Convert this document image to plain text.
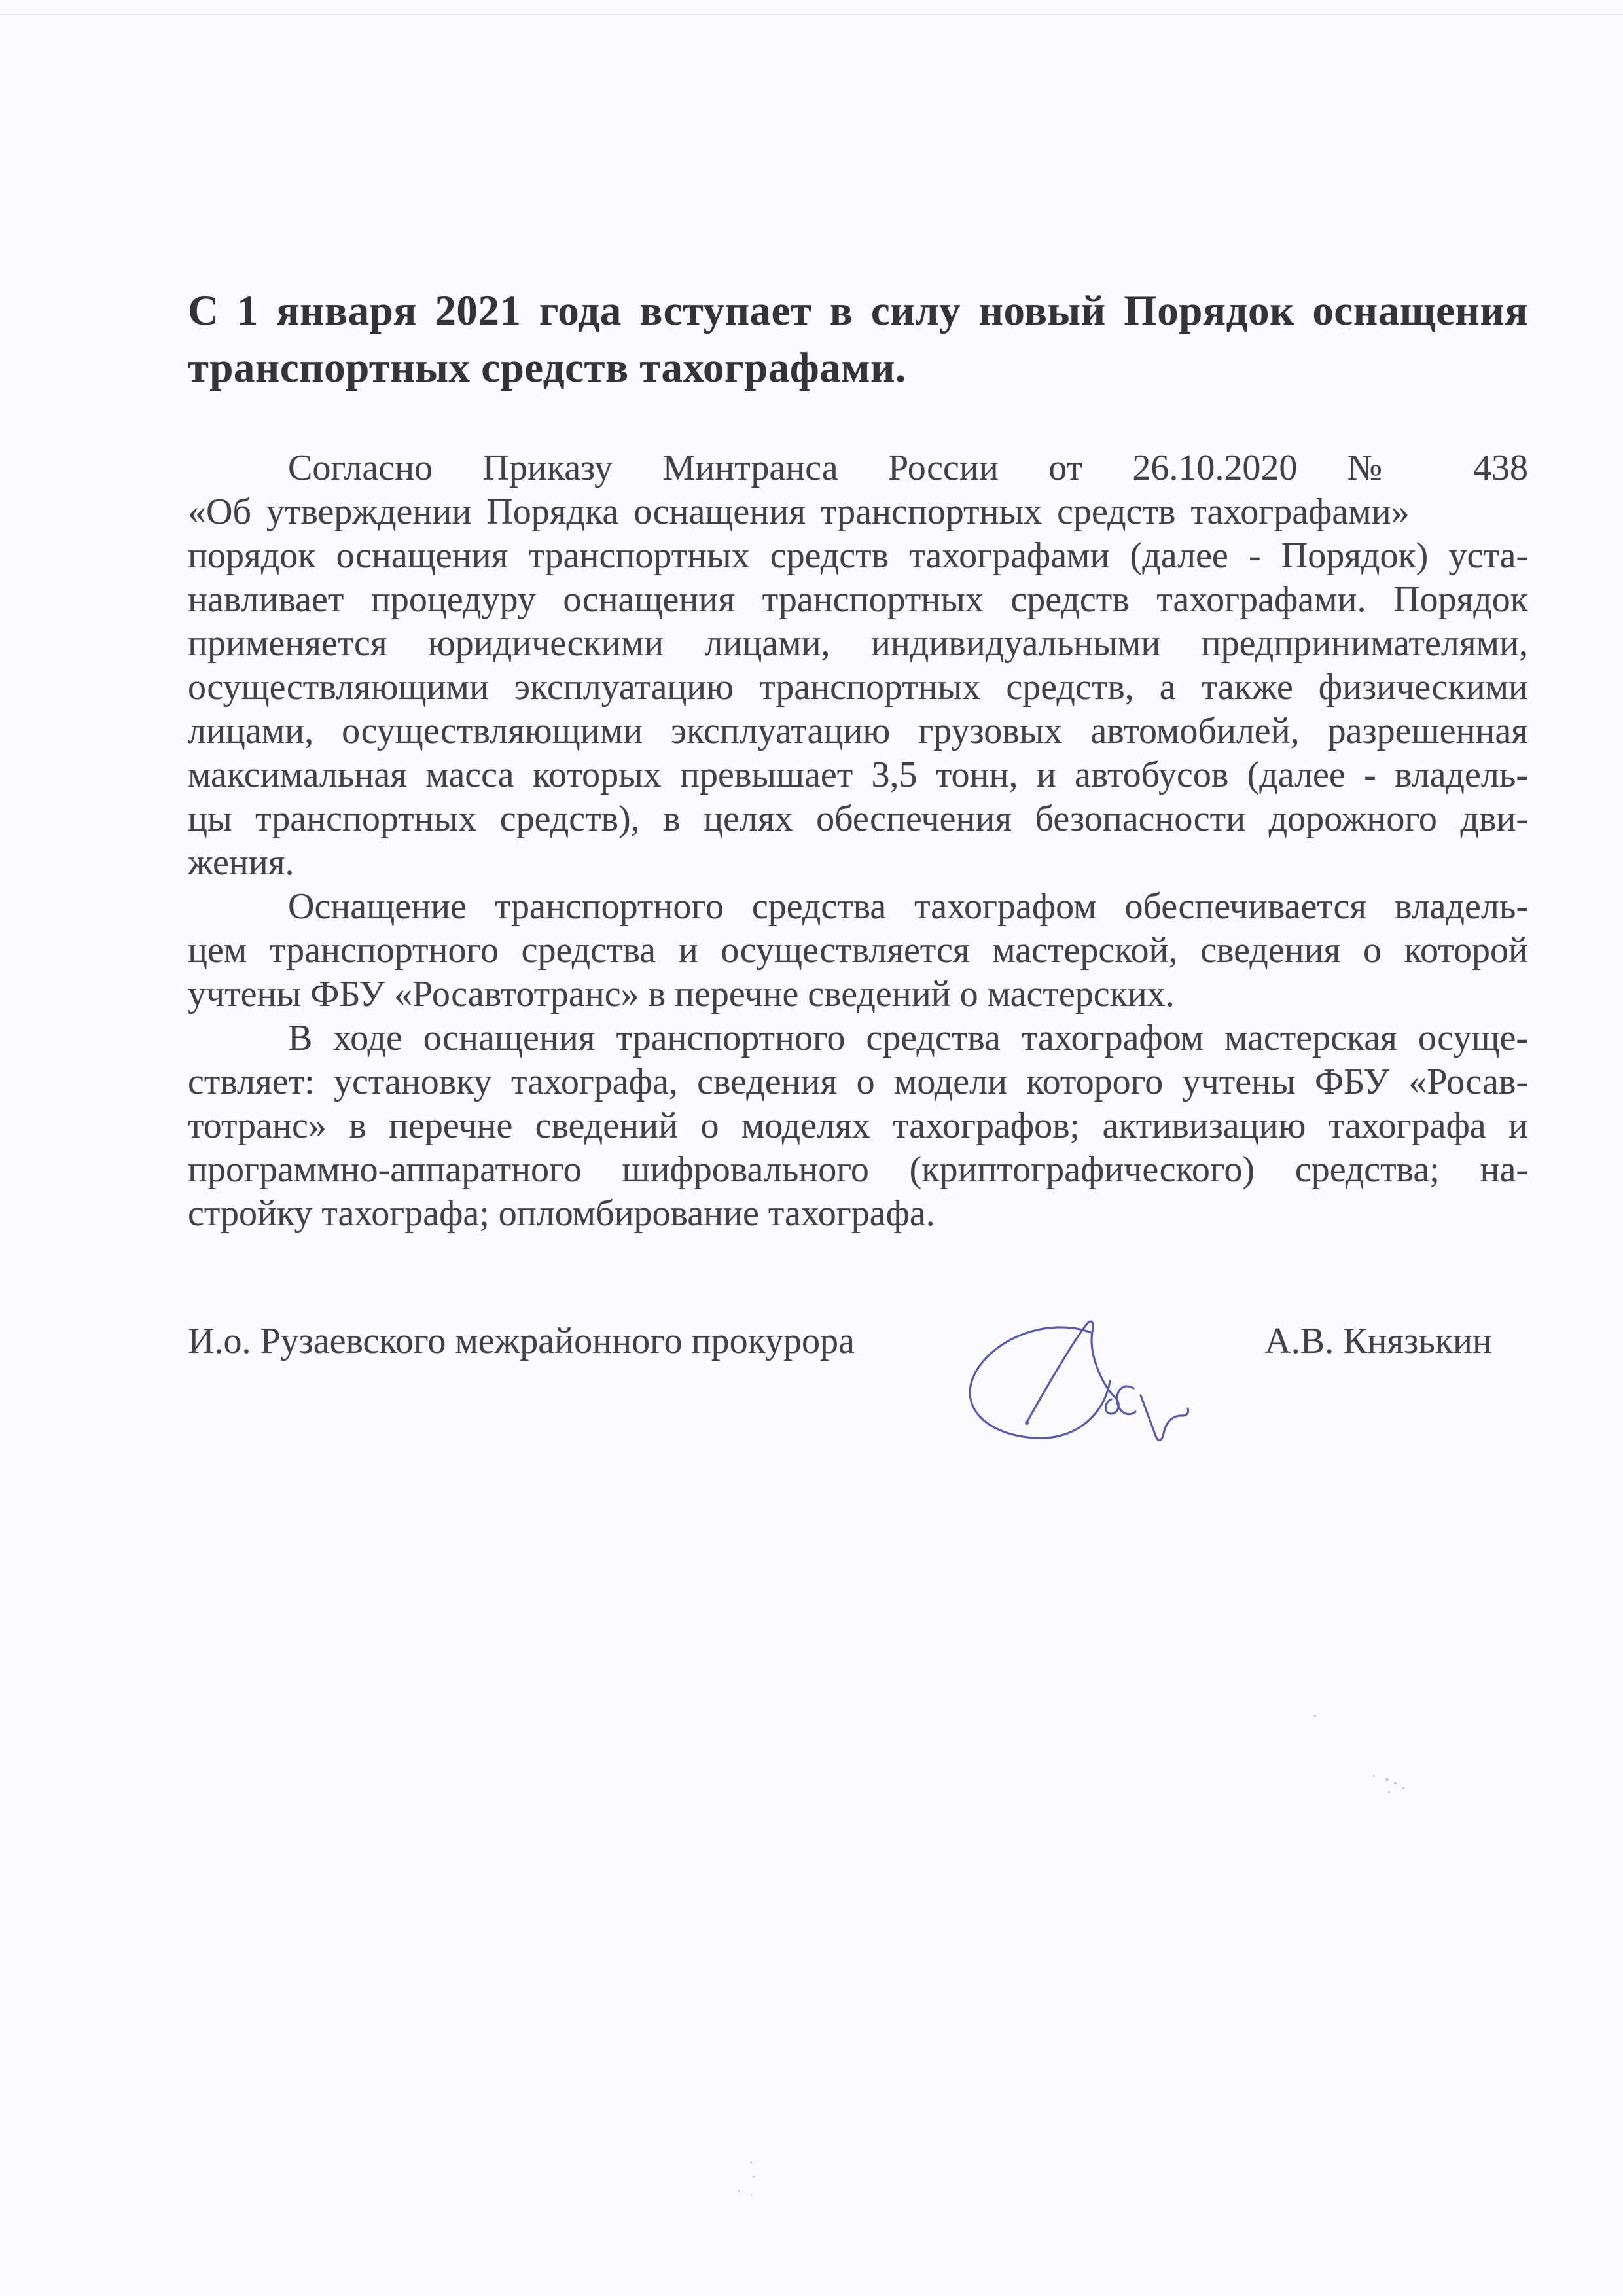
С 1 января 2021 года вступает в силу новый Порядок оснащения
транспортных средств тахографами.
Согласно Приказу Минтранса России от 26.10.2020 № 438
«Об утверждении Порядка оснащения транспортных средств тахографами»
порядок оснащения транспортных средств тахографами (далее - Порядок) уста-
навливает процедуру оснащения транспортных средств тахографами. Порядок
применяется юридическими лицами, индивидуальными предпринимателями,
осуществляющими эксплуатацию транспортных средств, а также физическими
лицами, осуществляющими эксплуатацию грузовых автомобилей, разрешенная
максимальная масса которых превышает 3,5 тонн, и автобусов (далее - владель-
цы транспортных средств), в целях обеспечения безопасности дорожного дви-
жения.
Оснащение транспортного средства тахографом обеспечивается владель-
цем транспортного средства и осуществляется мастерской, сведения о которой
учтены ФБУ «Росавтотранс» в перечне сведений о мастерских.
В ходе оснащения транспортного средства тахографом мастерская осуще-
ствляет: установку тахографа, сведения о модели которого учтены ФБУ «Росав-
тотранс» в перечне сведений о моделях тахографов; активизацию тахографа и
программно-аппаратного шифровального (криптографического) средства; на-
стройку тахографа; опломбирование тахографа.
И.о. Рузаевского межрайонного прокурора	А.В. Князькин
